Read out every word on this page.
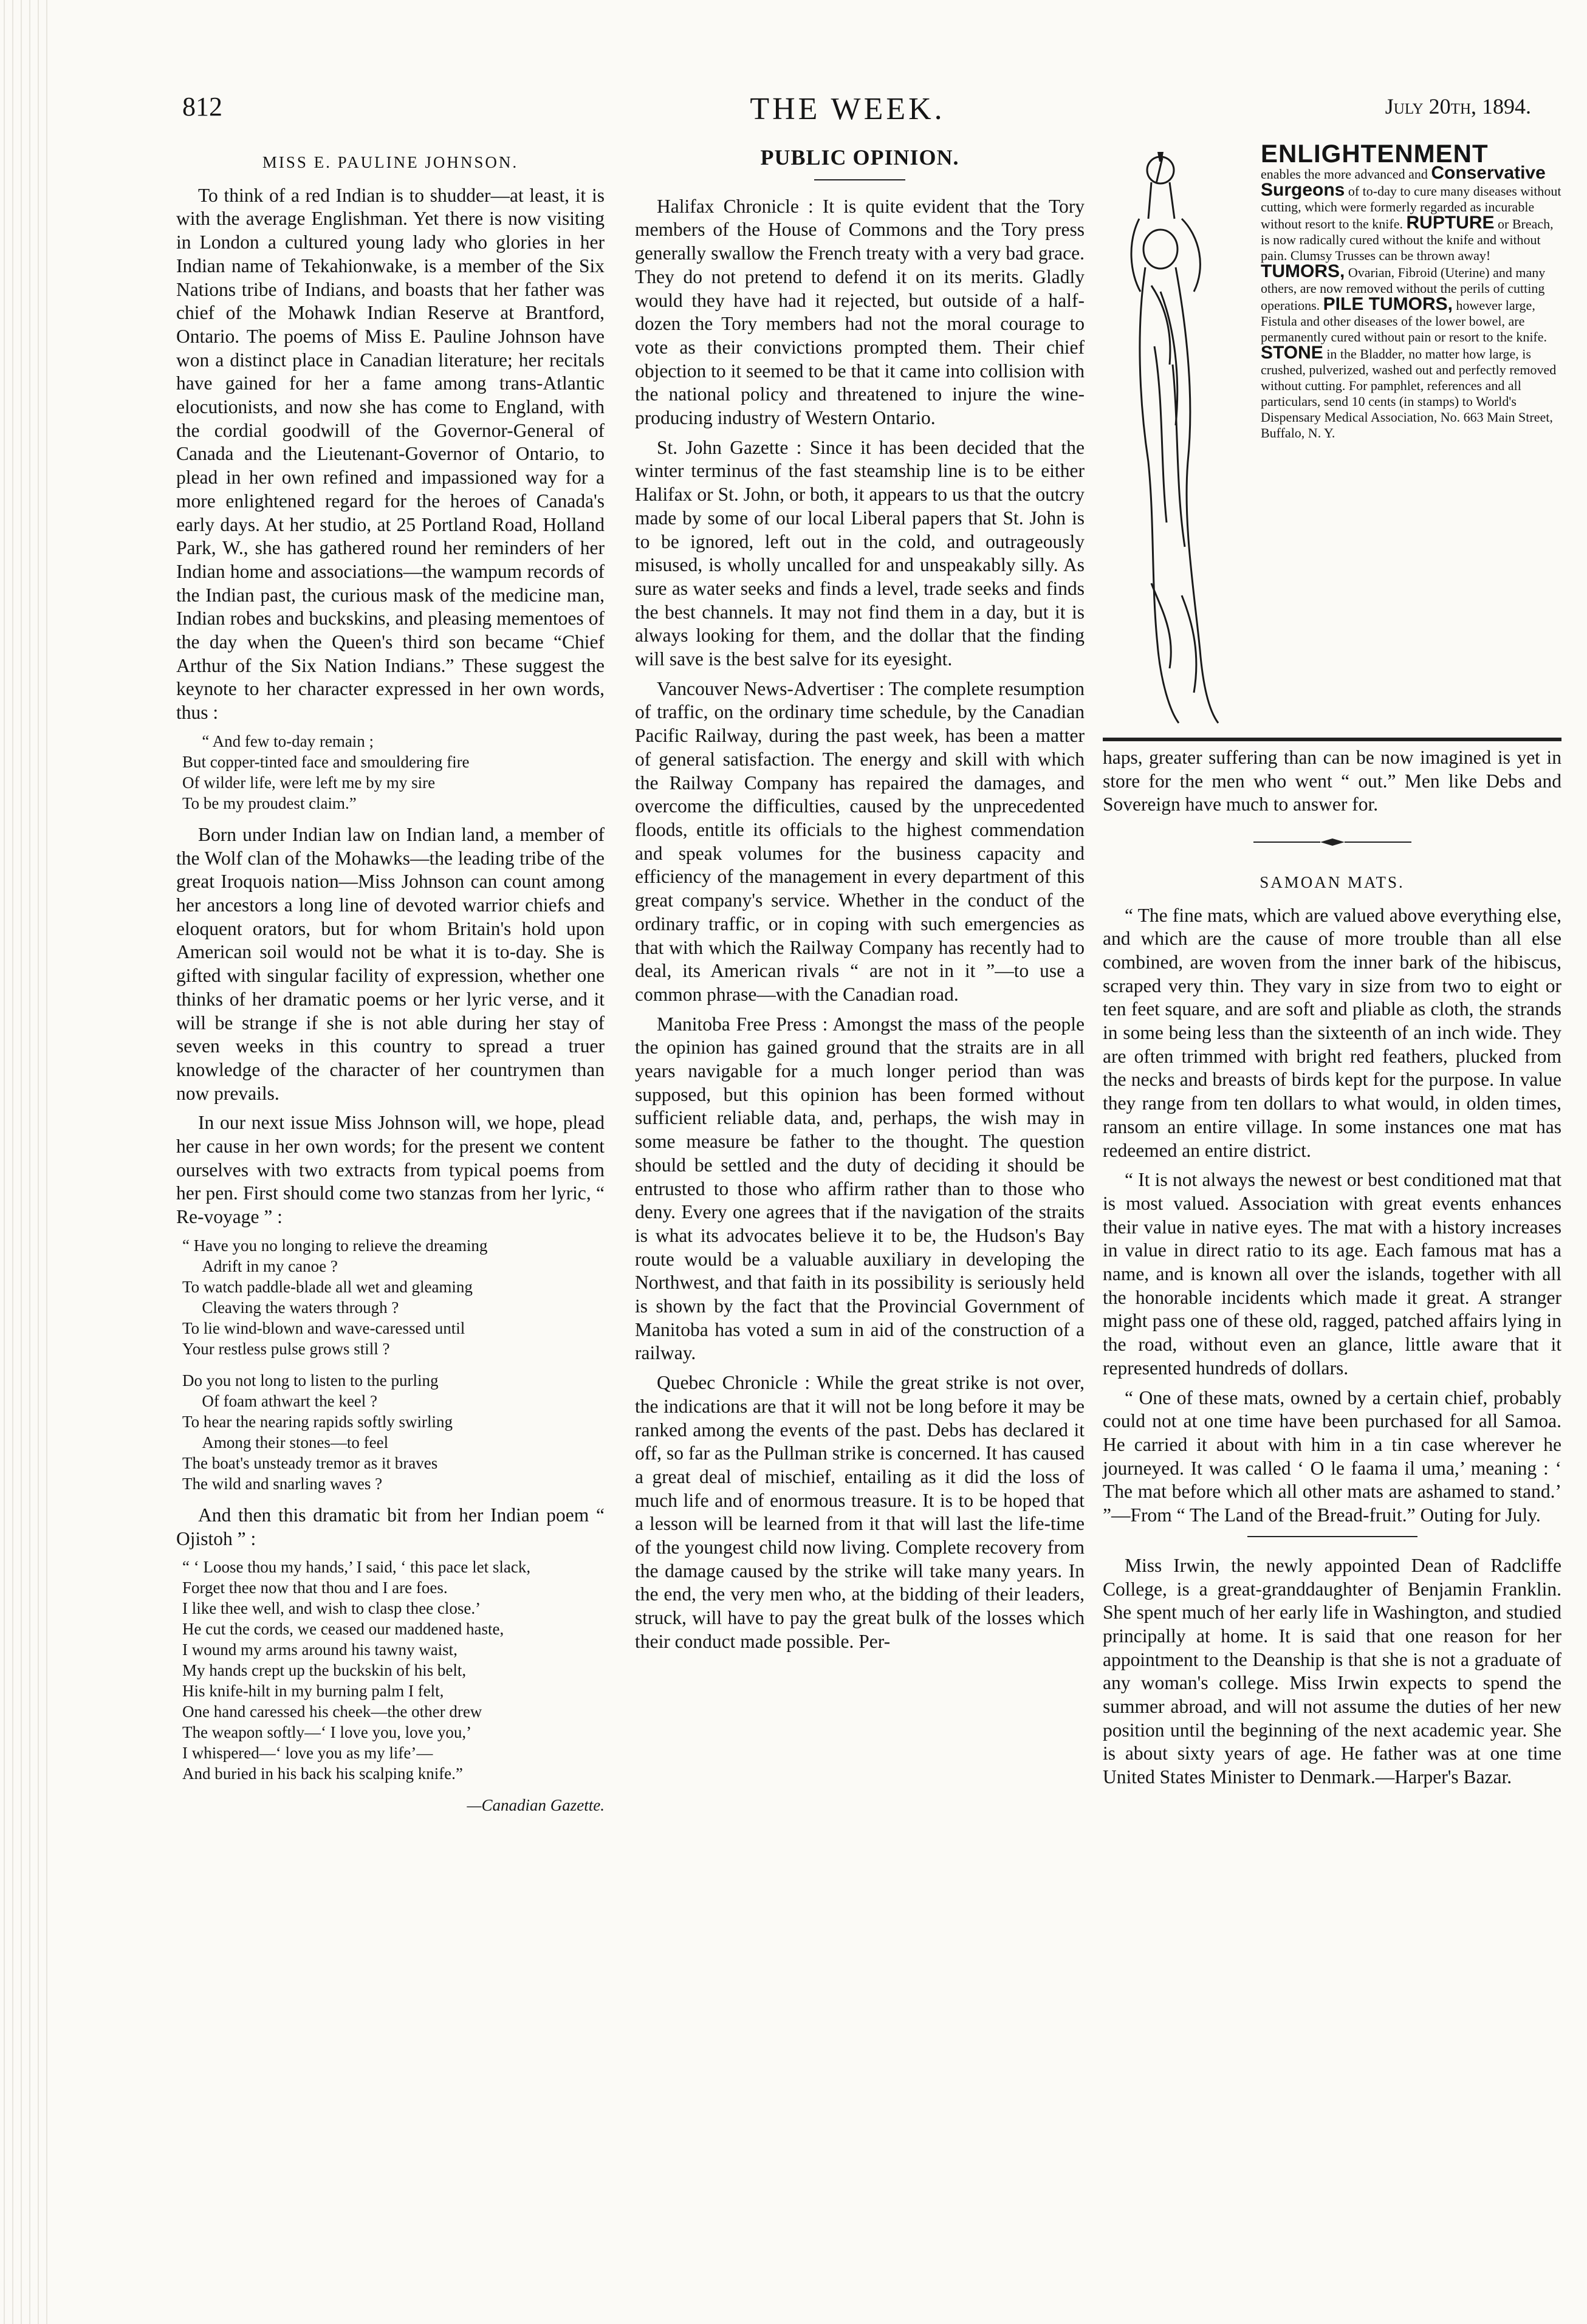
812	THE WEEK.	July 20th, 1894.
MISS E. PAULINE JOHNSON.

To think of a red Indian is to shudder—at least, it is with the average Englishman. Yet there is now visiting in London a cultured young lady who glories in her Indian name of Tekahionwake, is a member of the Six Nations tribe of Indians, and boasts that her father was chief of the Mohawk Indian Reserve at Brantford, Ontario. The poems of Miss E. Pauline Johnson have won a distinct place in Canadian literature; her recitals have gained for her a fame among trans-Atlantic elocutionists, and now she has come to England, with the cordial goodwill of the Governor-General of Canada and the Lieutenant-Governor of Ontario, to plead in her own refined and impassioned way for a more enlightened regard for the heroes of Canada's early days. At her studio, at 25 Portland Road, Holland Park, W., she has gathered round her reminders of her Indian home and associations—the wampum records of the Indian past, the curious mask of the medicine man, Indian robes and buckskins, and pleasing mementoes of the day when the Queen's third son became “Chief Arthur of the Six Nation Indians.” These suggest the keynote to her character expressed in her own words, thus :

“ And few to-day remain ;
But copper-tinted face and smouldering fire
Of wilder life, were left me by my sire
To be my proudest claim.”

Born under Indian law on Indian land, a member of the Wolf clan of the Mohawks—the leading tribe of the great Iroquois nation—Miss Johnson can count among her ancestors a long line of devoted warrior chiefs and eloquent orators, but for whom Britain's hold upon American soil would not be what it is to-day. She is gifted with singular facility of expression, whether one thinks of her dramatic poems or her lyric verse, and it will be strange if she is not able during her stay of seven weeks in this country to spread a truer knowledge of the character of her countrymen than now prevails.

In our next issue Miss Johnson will, we hope, plead her cause in her own words; for the present we content ourselves with two extracts from typical poems from her pen. First should come two stanzas from her lyric, “ Re-voyage ” :

“ Have you no longing to relieve the dreaming
Adrift in my canoe ?
To watch paddle-blade all wet and gleaming
Cleaving the waters through ?
To lie wind-blown and wave-caressed until
Your restless pulse grows still ?
Do you not long to listen to the purling
Of foam athwart the keel ?
To hear the nearing rapids softly swirling
Among their stones—to feel
The boat's unsteady tremor as it braves
The wild and snarling waves ?

And then this dramatic bit from her Indian poem “ Ojistoh ” :

“ ‘ Loose thou my hands,’ I said, ‘ this pace let slack,
Forget thee now that thou and I are foes.
I like thee well, and wish to clasp thee close.’
He cut the cords, we ceased our maddened haste,
I wound my arms around his tawny waist,
My hands crept up the buckskin of his belt,
His knife-hilt in my burning palm I felt,
One hand caressed his cheek—the other drew
The weapon softly—‘ I love you, love you,’
I whispered—‘ love you as my life’—
And buried in his back his scalping knife.”
—Canadian Gazette.
PUBLIC OPINION.

Halifax Chronicle : It is quite evident that the Tory members of the House of Commons and the Tory press generally swallow the French treaty with a very bad grace. They do not pretend to defend it on its merits. Gladly would they have had it rejected, but outside of a half-dozen the Tory members had not the moral courage to vote as their convictions prompted them. Their chief objection to it seemed to be that it came into collision with the national policy and threatened to injure the wine-producing industry of Western Ontario.

St. John Gazette : Since it has been decided that the winter terminus of the fast steamship line is to be either Halifax or St. John, or both, it appears to us that the outcry made by some of our local Liberal papers that St. John is to be ignored, left out in the cold, and outrageously misused, is wholly uncalled for and unspeakably silly. As sure as water seeks and finds a level, trade seeks and finds the best channels. It may not find them in a day, but it is always looking for them, and the dollar that the finding will save is the best salve for its eyesight.

Vancouver News-Advertiser : The complete resumption of traffic, on the ordinary time schedule, by the Canadian Pacific Railway, during the past week, has been a matter of general satisfaction. The energy and skill with which the Railway Company has repaired the damages, and overcome the difficulties, caused by the unprecedented floods, entitle its officials to the highest commendation and speak volumes for the business capacity and efficiency of the management in every department of this great company's service. Whether in the conduct of the ordinary traffic, or in coping with such emergencies as that with which the Railway Company has recently had to deal, its American rivals “ are not in it ”—to use a common phrase—with the Canadian road.

Manitoba Free Press : Amongst the mass of the people the opinion has gained ground that the straits are in all years navigable for a much longer period than was supposed, but this opinion has been formed without sufficient reliable data, and, perhaps, the wish may in some measure be father to the thought. The question should be settled and the duty of deciding it should be entrusted to those who affirm rather than to those who deny. Every one agrees that if the navigation of the straits is what its advocates believe it to be, the Hudson's Bay route would be a valuable auxiliary in developing the Northwest, and that faith in its possibility is seriously held is shown by the fact that the Provincial Government of Manitoba has voted a sum in aid of the construction of a railway.

Quebec Chronicle : While the great strike is not over, the indications are that it will not be long before it may be ranked among the events of the past. Debs has declared it off, so far as the Pullman strike is concerned. It has caused a great deal of mischief, entailing as it did the loss of much life and of enormous treasure. It is to be hoped that a lesson will be learned from it that will last the life-time of the youngest child now living. Complete recovery from the damage caused by the strike will take many years. In the end, the very men who, at the bidding of their leaders, struck, will have to pay the great bulk of the losses which their conduct made possible. Per-

ENLIGHTENMENT
enables the more advanced and Conservative Surgeons of to-day to cure many diseases without cutting, which were formerly regarded as incurable without resort to the knife. RUPTURE or Breach, is now radically cured without the knife and without pain. Clumsy Trusses can be thrown away! TUMORS, Ovarian, Fibroid (Uterine) and many others, are now removed without the perils of cutting operations. PILE TUMORS, however large, Fistula and other diseases of the lower bowel, are permanently cured without pain or resort to the knife. STONE in the Bladder, no matter how large, is crushed, pulverized, washed out and perfectly removed without cutting. For pamphlet, references and all particulars, send 10 cents (in stamps) to World's Dispensary Medical Association, No. 663 Main Street, Buffalo, N. Y.

haps, greater suffering than can be now imagined is yet in store for the men who went “ out.” Men like Debs and Sovereign have much to answer for.

SAMOAN MATS.

“ The fine mats, which are valued above everything else, and which are the cause of more trouble than all else combined, are woven from the inner bark of the hibiscus, scraped very thin. They vary in size from two to eight or ten feet square, and are soft and pliable as cloth, the strands in some being less than the sixteenth of an inch wide. They are often trimmed with bright red feathers, plucked from the necks and breasts of birds kept for the purpose. In value they range from ten dollars to what would, in olden times, ransom an entire village. In some instances one mat has redeemed an entire district.

“ It is not always the newest or best conditioned mat that is most valued. Association with great events enhances their value in native eyes. The mat with a history increases in value in direct ratio to its age. Each famous mat has a name, and is known all over the islands, together with all the honorable incidents which made it great. A stranger might pass one of these old, ragged, patched affairs lying in the road, without even an glance, little aware that it represented hundreds of dollars.

“ One of these mats, owned by a certain chief, probably could not at one time have been purchased for all Samoa. He carried it about with him in a tin case wherever he journeyed. It was called ‘ O le faama il uma,’ meaning : ‘ The mat before which all other mats are ashamed to stand.’ ”—From “ The Land of the Bread-fruit.” Outing for July.

Miss Irwin, the newly appointed Dean of Radcliffe College, is a great-granddaughter of Benjamin Franklin. She spent much of her early life in Washington, and studied principally at home. It is said that one reason for her appointment to the Deanship is that she is not a graduate of any woman's college. Miss Irwin expects to spend the summer abroad, and will not assume the duties of her new position until the beginning of the next academic year. She is about sixty years of age. He father was at one time United States Minister to Denmark.—Harper's Bazar.
